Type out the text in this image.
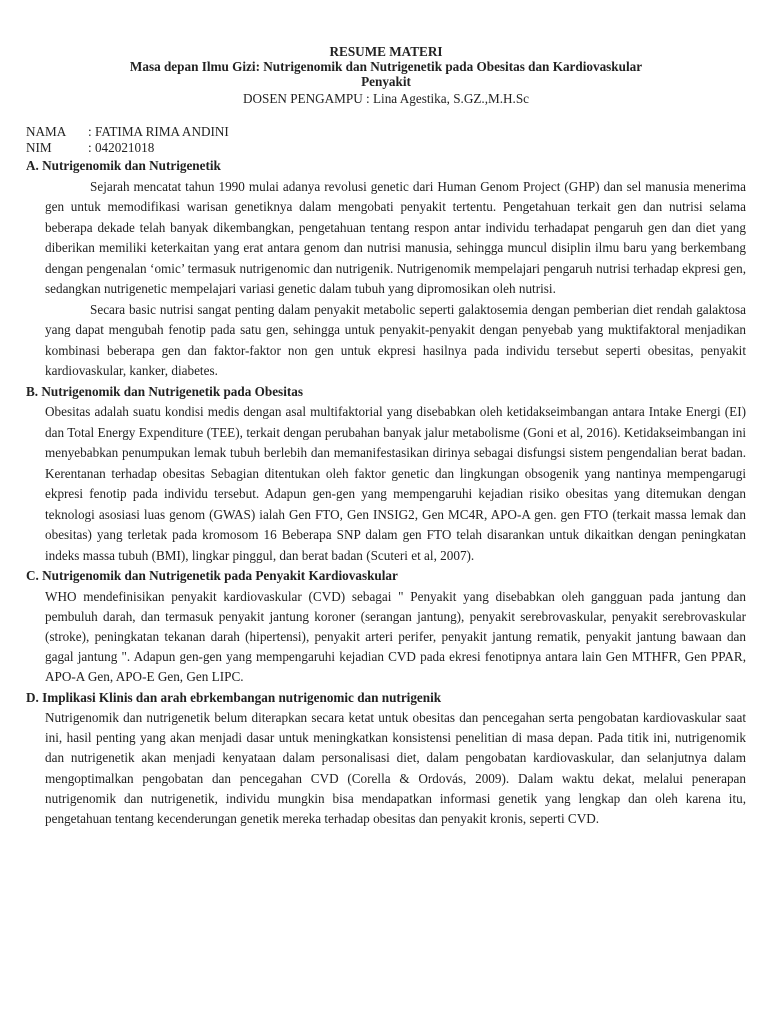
RESUME MATERI
Masa depan Ilmu Gizi: Nutrigenomik dan Nutrigenetik pada Obesitas dan Kardiovaskular
Penyakit
DOSEN PENGAMPU : Lina Agestika, S.GZ.,M.H.Sc
NAMA	: FATIMA RIMA ANDINI
NIM	: 042021018
A. Nutrigenomik dan Nutrigenetik

Sejarah mencatat tahun 1990 mulai adanya revolusi genetic dari Human Genom Project (GHP) dan sel manusia menerima gen untuk memodifikasi warisan genetiknya dalam mengobati penyakit tertentu. Pengetahuan terkait gen dan nutrisi selama beberapa dekade telah banyak dikembangkan, pengetahuan tentang respon antar individu terhadapat pengaruh gen dan diet yang diberikan memiliki keterkaitan yang erat antara genom dan nutrisi manusia, sehingga muncul disiplin ilmu baru yang berkembang dengan pengenalan ‘omic’ termasuk nutrigenomic dan nutrigenik. Nutrigenomik mempelajari pengaruh nutrisi terhadap ekpresi gen, sedangkan nutrigenetic mempelajari variasi genetic dalam tubuh yang dipromosikan oleh nutrisi.

Secara basic nutrisi sangat penting dalam penyakit metabolic seperti galaktosemia dengan pemberian diet rendah galaktosa yang dapat mengubah fenotip pada satu gen, sehingga untuk penyakit-penyakit dengan penyebab yang muktifaktoral menjadikan kombinasi beberapa gen dan faktor-faktor non gen untuk ekpresi hasilnya pada individu tersebut seperti obesitas, penyakit kardiovaskular, kanker, diabetes.

B. Nutrigenomik dan Nutrigenetik pada Obesitas

Obesitas adalah suatu kondisi medis dengan asal multifaktorial yang disebabkan oleh ketidakseimbangan antara Intake Energi (EI) dan Total Energy Expenditure (TEE), terkait dengan perubahan banyak jalur metabolisme (Goni et al, 2016). Ketidakseimbangan ini menyebabkan penumpukan lemak tubuh berlebih dan memanifestasikan dirinya sebagai disfungsi sistem pengendalian berat badan. Kerentanan terhadap obesitas Sebagian ditentukan oleh faktor genetic dan lingkungan obsogenik yang nantinya mempengarugi ekpresi fenotip pada individu tersebut. Adapun gen-gen yang mempengaruhi kejadian risiko obesitas yang ditemukan dengan teknologi asosiasi luas genom (GWAS) ialah Gen FTO, Gen INSIG2, Gen MC4R, APO-A gen. gen FTO (terkait massa lemak dan obesitas) yang terletak pada kromosom 16 Beberapa SNP dalam gen FTO telah disarankan untuk dikaitkan dengan peningkatan indeks massa tubuh (BMI), lingkar pinggul, dan berat badan (Scuteri et al, 2007).

C. Nutrigenomik dan Nutrigenetik pada Penyakit Kardiovaskular

WHO mendefinisikan penyakit kardiovaskular (CVD) sebagai " Penyakit yang disebabkan oleh gangguan pada jantung dan pembuluh darah, dan termasuk penyakit jantung koroner (serangan jantung), penyakit serebrovaskular, penyakit serebrovaskular (stroke), peningkatan tekanan darah (hipertensi), penyakit arteri perifer, penyakit jantung rematik, penyakit jantung bawaan dan gagal jantung ". Adapun gen-gen yang mempengaruhi kejadian CVD pada ekresi fenotipnya antara lain Gen MTHFR, Gen PPAR, APO-A Gen, APO-E Gen, Gen LIPC.

D. Implikasi Klinis dan arah ebrkembangan nutrigenomic dan nutrigenik

Nutrigenomik dan nutrigenetik belum diterapkan secara ketat untuk obesitas dan pencegahan serta pengobatan kardiovaskular saat ini, hasil penting yang akan menjadi dasar untuk meningkatkan konsistensi penelitian di masa depan. Pada titik ini, nutrigenomik dan nutrigenetik akan menjadi kenyataan dalam personalisasi diet, dalam pengobatan kardiovaskular, dan selanjutnya dalam mengoptimalkan pengobatan dan pencegahan CVD (Corella & Ordovás, 2009). Dalam waktu dekat, melalui penerapan nutrigenomik dan nutrigenetik, individu mungkin bisa mendapatkan informasi genetik yang lengkap dan oleh karena itu, pengetahuan tentang kecenderungan genetik mereka terhadap obesitas dan penyakit kronis, seperti CVD.
